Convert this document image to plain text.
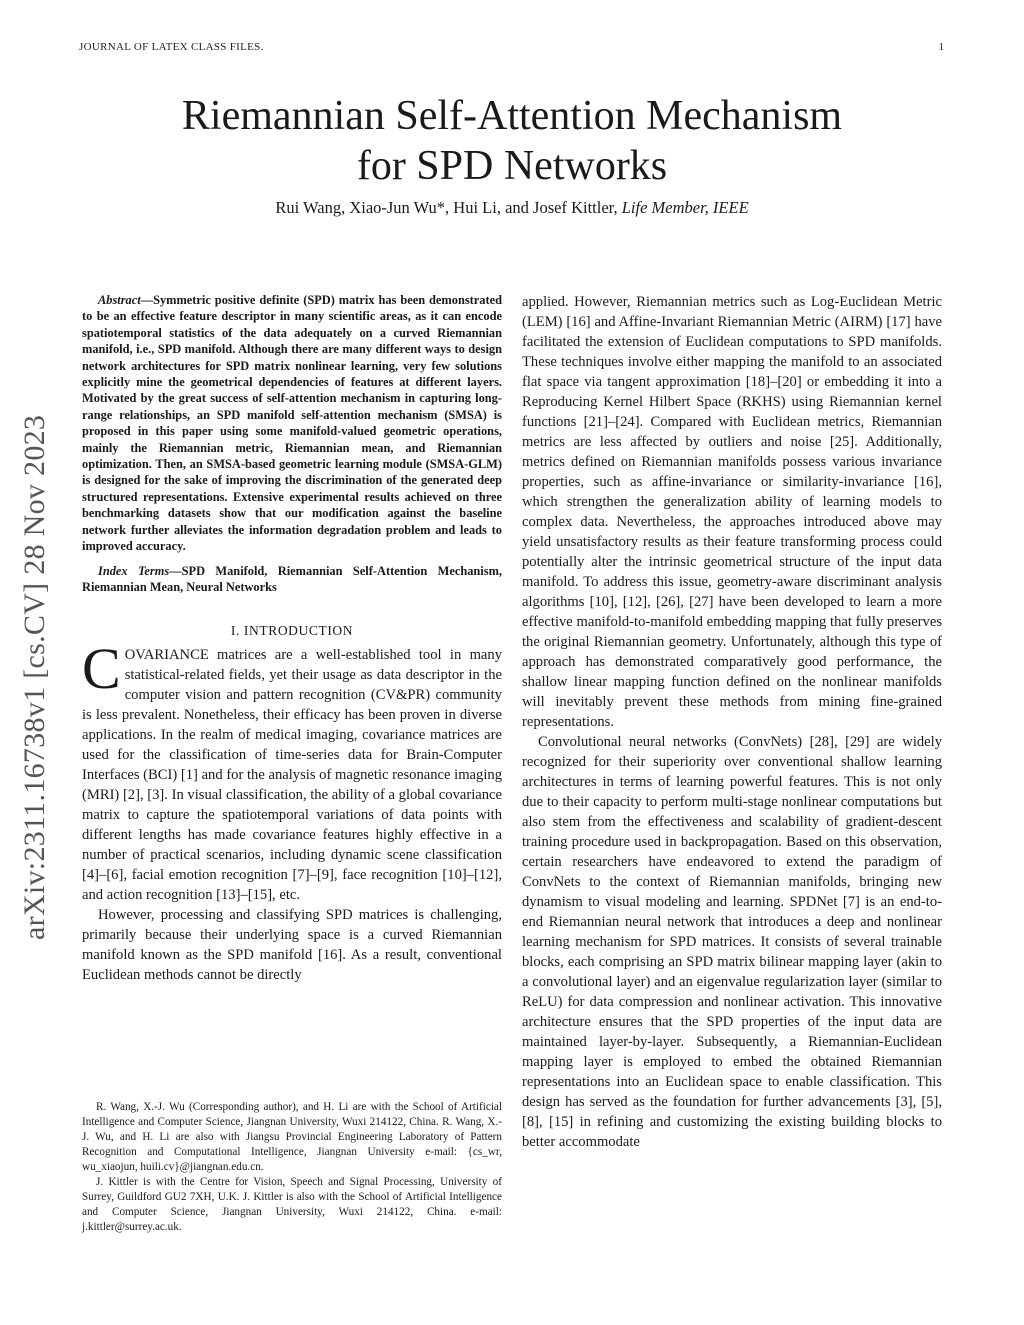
JOURNAL OF LATEX CLASS FILES.	1
Riemannian Self-Attention Mechanism
for SPD Networks
Rui Wang, Xiao-Jun Wu*, Hui Li, and Josef Kittler, Life Member, IEEE
arXiv:2311.16738v1 [cs.CV] 28 Nov 2023

Abstract—Symmetric positive definite (SPD) matrix has been demonstrated to be an effective feature descriptor in many scientific areas, as it can encode spatiotemporal statistics of the data adequately on a curved Riemannian manifold, i.e., SPD manifold. Although there are many different ways to design network architectures for SPD matrix nonlinear learning, very few solutions explicitly mine the geometrical dependencies of features at different layers. Motivated by the great success of self-attention mechanism in capturing long-range relationships, an SPD manifold self-attention mechanism (SMSA) is proposed in this paper using some manifold-valued geometric operations, mainly the Riemannian metric, Riemannian mean, and Riemannian optimization. Then, an SMSA-based geometric learning module (SMSA-GLM) is designed for the sake of improving the discrimination of the generated deep structured representations. Extensive experimental results achieved on three benchmarking datasets show that our modification against the baseline network further alleviates the information degradation problem and leads to improved accuracy.

Index Terms—SPD Manifold, Riemannian Self-Attention Mechanism, Riemannian Mean, Neural Networks

I. INTRODUCTION

COVARIANCE matrices are a well-established tool in many statistical-related fields, yet their usage as data descriptor in the computer vision and pattern recognition (CV&PR) community is less prevalent. Nonetheless, their efficacy has been proven in diverse applications. In the realm of medical imaging, covariance matrices are used for the classification of time-series data for Brain-Computer Interfaces (BCI) [1] and for the analysis of magnetic resonance imaging (MRI) [2], [3]. In visual classification, the ability of a global covariance matrix to capture the spatiotemporal variations of data points with different lengths has made covariance features highly effective in a number of practical scenarios, including dynamic scene classification [4]–[6], facial emotion recognition [7]–[9], face recognition [10]–[12], and action recognition [13]–[15], etc.

However, processing and classifying SPD matrices is challenging, primarily because their underlying space is a curved Riemannian manifold known as the SPD manifold [16]. As a result, conventional Euclidean methods cannot be directly

R. Wang, X.-J. Wu (Corresponding author), and H. Li are with the School of Artificial Intelligence and Computer Science, Jiangnan University, Wuxi 214122, China. R. Wang, X.-J. Wu, and H. Li are also with Jiangsu Provincial Engineering Laboratory of Pattern Recognition and Computational Intelligence, Jiangnan University e-mail: {cs_wr, wu_xiaojun, huili.cv}@jiangnan.edu.cn.

J. Kittler is with the Centre for Vision, Speech and Signal Processing, University of Surrey, Guildford GU2 7XH, U.K. J. Kittler is also with the School of Artificial Intelligence and Computer Science, Jiangnan University, Wuxi 214122, China. e-mail: j.kittler@surrey.ac.uk.

applied. However, Riemannian metrics such as Log-Euclidean Metric (LEM) [16] and Affine-Invariant Riemannian Metric (AIRM) [17] have facilitated the extension of Euclidean computations to SPD manifolds. These techniques involve either mapping the manifold to an associated flat space via tangent approximation [18]–[20] or embedding it into a Reproducing Kernel Hilbert Space (RKHS) using Riemannian kernel functions [21]–[24]. Compared with Euclidean metrics, Riemannian metrics are less affected by outliers and noise [25]. Additionally, metrics defined on Riemannian manifolds possess various invariance properties, such as affine-invariance or similarity-invariance [16], which strengthen the generalization ability of learning models to complex data. Nevertheless, the approaches introduced above may yield unsatisfactory results as their feature transforming process could potentially alter the intrinsic geometrical structure of the input data manifold. To address this issue, geometry-aware discriminant analysis algorithms [10], [12], [26], [27] have been developed to learn a more effective manifold-to-manifold embedding mapping that fully preserves the original Riemannian geometry. Unfortunately, although this type of approach has demonstrated comparatively good performance, the shallow linear mapping function defined on the nonlinear manifolds will inevitably prevent these methods from mining fine-grained representations.

Convolutional neural networks (ConvNets) [28], [29] are widely recognized for their superiority over conventional shallow learning architectures in terms of learning powerful features. This is not only due to their capacity to perform multi-stage nonlinear computations but also stem from the effectiveness and scalability of gradient-descent training procedure used in backpropagation. Based on this observation, certain researchers have endeavored to extend the paradigm of ConvNets to the context of Riemannian manifolds, bringing new dynamism to visual modeling and learning. SPDNet [7] is an end-to-end Riemannian neural network that introduces a deep and nonlinear learning mechanism for SPD matrices. It consists of several trainable blocks, each comprising an SPD matrix bilinear mapping layer (akin to a convolutional layer) and an eigenvalue regularization layer (similar to ReLU) for data compression and nonlinear activation. This innovative architecture ensures that the SPD properties of the input data are maintained layer-by-layer. Subsequently, a Riemannian-Euclidean mapping layer is employed to embed the obtained Riemannian representations into an Euclidean space to enable classification. This design has served as the foundation for further advancements [3], [5], [8], [15] in refining and customizing the existing building blocks to better accommodate
